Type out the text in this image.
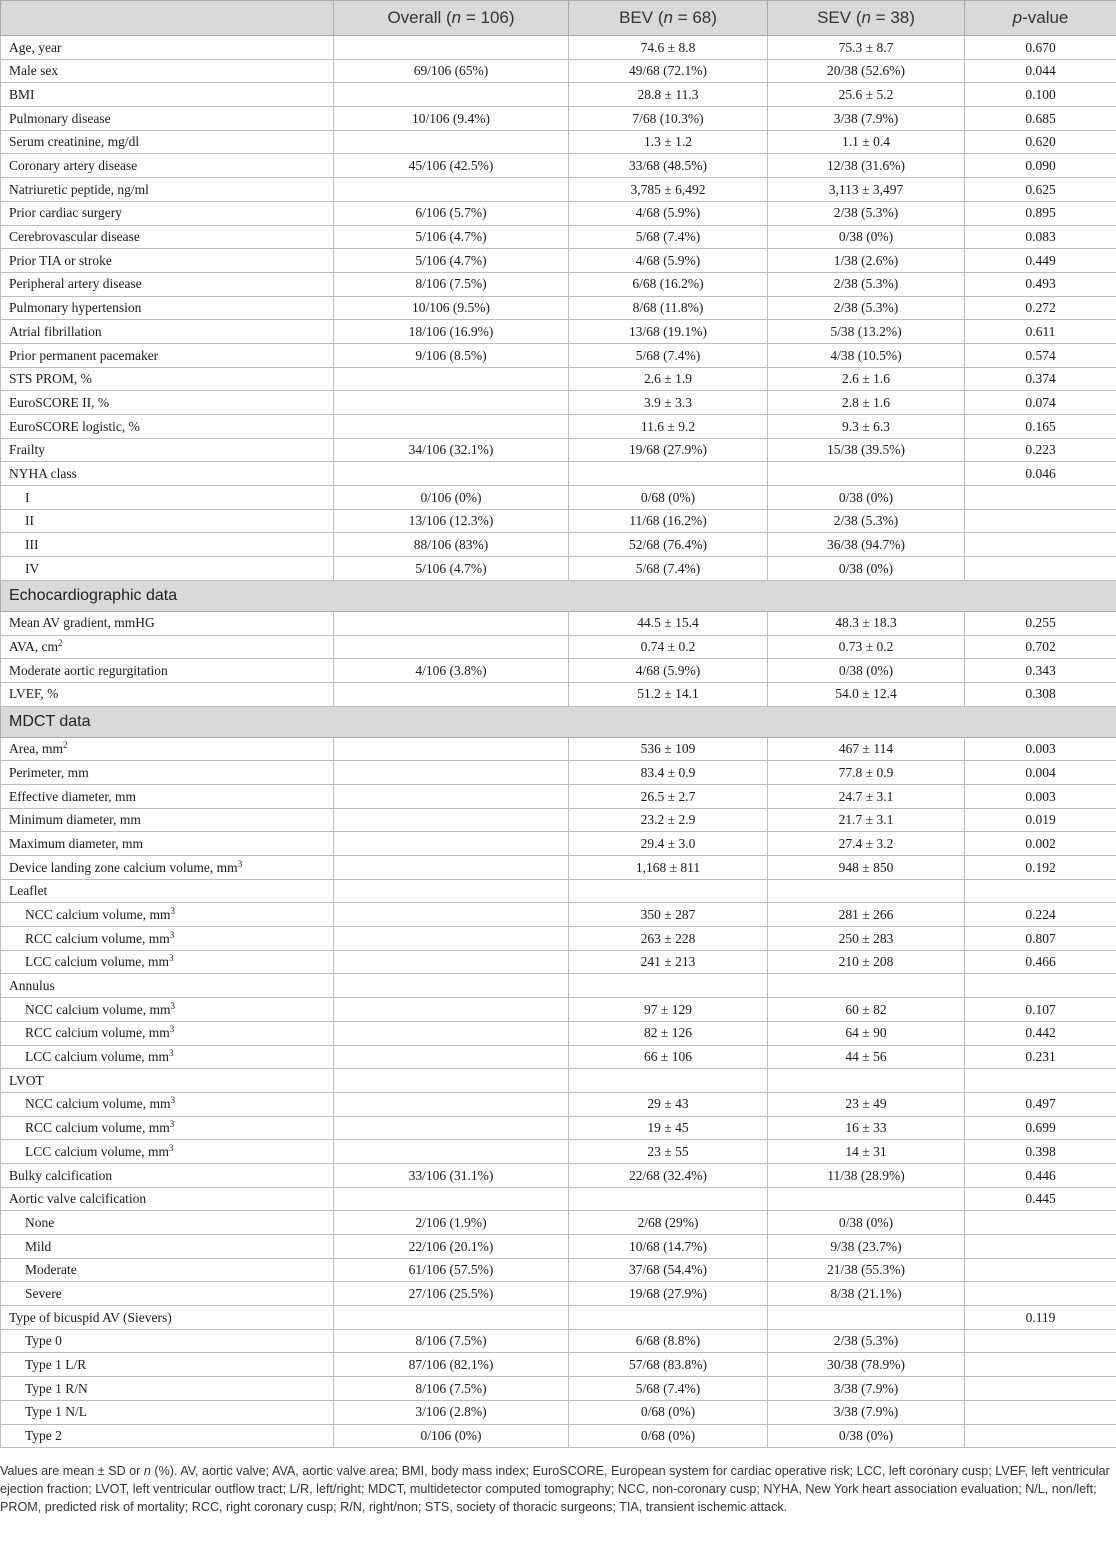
	Overall (n = 106)	BEV (n = 68)	SEV (n = 38)	p-value
Age, year		74.6 ± 8.8	75.3 ± 8.7	0.670
Male sex	69/106 (65%)	49/68 (72.1%)	20/38 (52.6%)	0.044
BMI		28.8 ± 11.3	25.6 ± 5.2	0.100
Pulmonary disease	10/106 (9.4%)	7/68 (10.3%)	3/38 (7.9%)	0.685
Serum creatinine, mg/dl		1.3 ± 1.2	1.1 ± 0.4	0.620
Coronary artery disease	45/106 (42.5%)	33/68 (48.5%)	12/38 (31.6%)	0.090
Natriuretic peptide, ng/ml		3,785 ± 6,492	3,113 ± 3,497	0.625
Prior cardiac surgery	6/106 (5.7%)	4/68 (5.9%)	2/38 (5.3%)	0.895
Cerebrovascular disease	5/106 (4.7%)	5/68 (7.4%)	0/38 (0%)	0.083
Prior TIA or stroke	5/106 (4.7%)	4/68 (5.9%)	1/38 (2.6%)	0.449
Peripheral artery disease	8/106 (7.5%)	6/68 (16.2%)	2/38 (5.3%)	0.493
Pulmonary hypertension	10/106 (9.5%)	8/68 (11.8%)	2/38 (5.3%)	0.272
Atrial fibrillation	18/106 (16.9%)	13/68 (19.1%)	5/38 (13.2%)	0.611
Prior permanent pacemaker	9/106 (8.5%)	5/68 (7.4%)	4/38 (10.5%)	0.574
STS PROM, %		2.6 ± 1.9	2.6 ± 1.6	0.374
EuroSCORE II, %		3.9 ± 3.3	2.8 ± 1.6	0.074
EuroSCORE logistic, %		11.6 ± 9.2	9.3 ± 6.3	0.165
Frailty	34/106 (32.1%)	19/68 (27.9%)	15/38 (39.5%)	0.223
NYHA class				0.046
I	0/106 (0%)	0/68 (0%)	0/38 (0%)	
II	13/106 (12.3%)	11/68 (16.2%)	2/38 (5.3%)	
III	88/106 (83%)	52/68 (76.4%)	36/38 (94.7%)	
IV	5/106 (4.7%)	5/68 (7.4%)	0/38 (0%)	
Echocardiographic data				
Mean AV gradient, mmHG		44.5 ± 15.4	48.3 ± 18.3	0.255
AVA, $cm^2$		0.74 ± 0.2	0.73 ± 0.2	0.702
Moderate aortic regurgitation	4/106 (3.8%)	4/68 (5.9%)	0/38 (0%)	0.343
LVEF, %		51.2 ± 14.1	54.0 ± 12.4	0.308
MDCT data				
Area, $mm^2$		536 ± 109	467 ± 114	0.003
Perimeter, mm		83.4 ± 0.9	77.8 ± 0.9	0.004
Effective diameter, mm		26.5 ± 2.7	24.7 ± 3.1	0.003
Minimum diameter, mm		23.2 ± 2.9	21.7 ± 3.1	0.019
Maximum diameter, mm		29.4 ± 3.0	27.4 ± 3.2	0.002
Device landing zone calcium volume, $mm^3$		1,168 ± 811	948 ± 850	0.192
Leaflet				
NCC calcium volume, $mm^3$		350 ± 287	281 ± 266	0.224
RCC calcium volume, $mm^3$		263 ± 228	250 ± 283	0.807
LCC calcium volume, $mm^3$		241 ± 213	210 ± 208	0.466
Annulus				
NCC calcium volume, $mm^3$		97 ± 129	60 ± 82	0.107
RCC calcium volume, $mm^3$		82 ± 126	64 ± 90	0.442
LCC calcium volume, $mm^3$		66 ± 106	44 ± 56	0.231
LVOT				
NCC calcium volume, $mm^3$		29 ± 43	23 ± 49	0.497
RCC calcium volume, $mm^3$		19 ± 45	16 ± 33	0.699
LCC calcium volume, $mm^3$		23 ± 55	14 ± 31	0.398
Bulky calcification	33/106 (31.1%)	22/68 (32.4%)	11/38 (28.9%)	0.446
Aortic valve calcification				0.445
None	2/106 (1.9%)	2/68 (29%)	0/38 (0%)	
Mild	22/106 (20.1%)	10/68 (14.7%)	9/38 (23.7%)	
Moderate	61/106 (57.5%)	37/68 (54.4%)	21/38 (55.3%)	
Severe	27/106 (25.5%)	19/68 (27.9%)	8/38 (21.1%)	
Type of bicuspid AV (Sievers)				0.119
Type 0	8/106 (7.5%)	6/68 (8.8%)	2/38 (5.3%)	
Type 1 L/R	87/106 (82.1%)	57/68 (83.8%)	30/38 (78.9%)	
Type 1 R/N	8/106 (7.5%)	5/68 (7.4%)	3/38 (7.9%)	
Type 1 N/L	3/106 (2.8%)	0/68 (0%)	3/38 (7.9%)	
Type 2	0/106 (0%)	0/68 (0%)	0/38 (0%)	

Values are mean ± SD or n (%). AV, aortic valve; AVA, aortic valve area; BMI, body mass index; EuroSCORE, European system for cardiac operative risk; LCC, left coronary cusp; LVEF, left ventricular ejection fraction; LVOT, left ventricular outflow tract; L/R, left/right; MDCT, multidetector computed tomography; NCC, non-coronary cusp; NYHA, New York heart association evaluation; N/L, non/left; PROM, predicted risk of mortality; RCC, right coronary cusp; R/N, right/non; STS, society of thoracic surgeons; TIA, transient ischemic attack.
